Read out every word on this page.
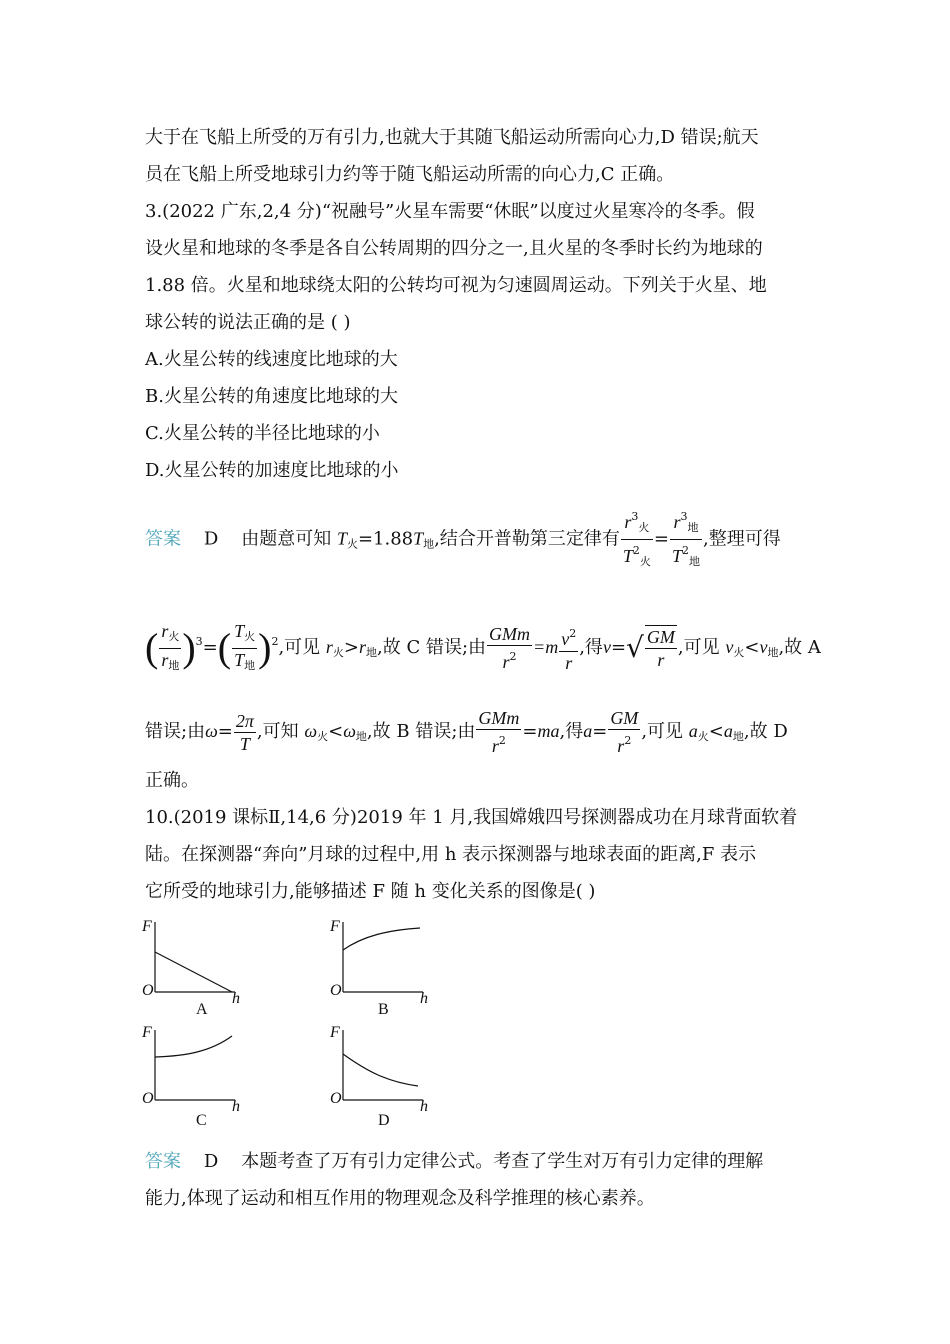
大于在飞船上所受的万有引力,也就大于其随飞船运动所需向心力,D 错误;航天
员在飞船上所受地球引力约等于随飞船运动所需的向心力,C 正确。
3.(2022 广东,2,4 分)“祝融号”火星车需要“休眠”以度过火星寒冷的冬季。假
设火星和地球的冬季是各自公转周期的四分之一,且火星的冬季时长约为地球的
1.88 倍。火星和地球绕太阳的公转均可视为匀速圆周运动。下列关于火星、地
球公转的说法正确的是 ( )
A.火星公转的线速度比地球的大
B.火星公转的角速度比地球的大
C.火星公转的半径比地球的小
D.火星公转的加速度比地球的小
答案 D 由题意可知 $T_火=1.88T_地$,结合开普勒第三定律有 $\frac{r^3_火}{T^2_火} = \frac{r^3_地}{T^2_地}$ ,整理可得
( $\frac{r_火}{r_地} )^3=( \frac{T_火}{T_地} )^2$,可见 $r_火>r_地$,故 C 错误;由 $\frac{\text{GMm}}{r^2} =m \frac{v^2}{r}$ ,得$v=√ \frac{GM}{r}$ ,可见 $v_火<v_地$,故 A
错误;由$\omega= \frac{2\pi}{T}$ ,可知 $\omega_火<\omega_地$,故 B 错误;由 $\frac{\text{GMm}}{r^2} =ma$,得$a= \frac{GM}{r^2}$ ,可见 $a_火<a_地$,故 D
正确。
10.(2019 课标Ⅱ,14,6 分)2019 年 1 月,我国嫦娥四号探测器成功在月球背面软着
陆。在探测器“奔向”月球的过程中,用 h 表示探测器与地球表面的距离,F 表示
它所受的地球引力,能够描述 F 随 h 变化关系的图像是( )
F
O	h
A
F
O	h
B
F
O	h
C
F
O	h
D
答案 D 本题考查了万有引力定律公式。考查了学生对万有引力定律的理解
能力,体现了运动和相互作用的物理观念及科学推理的核心素养。
